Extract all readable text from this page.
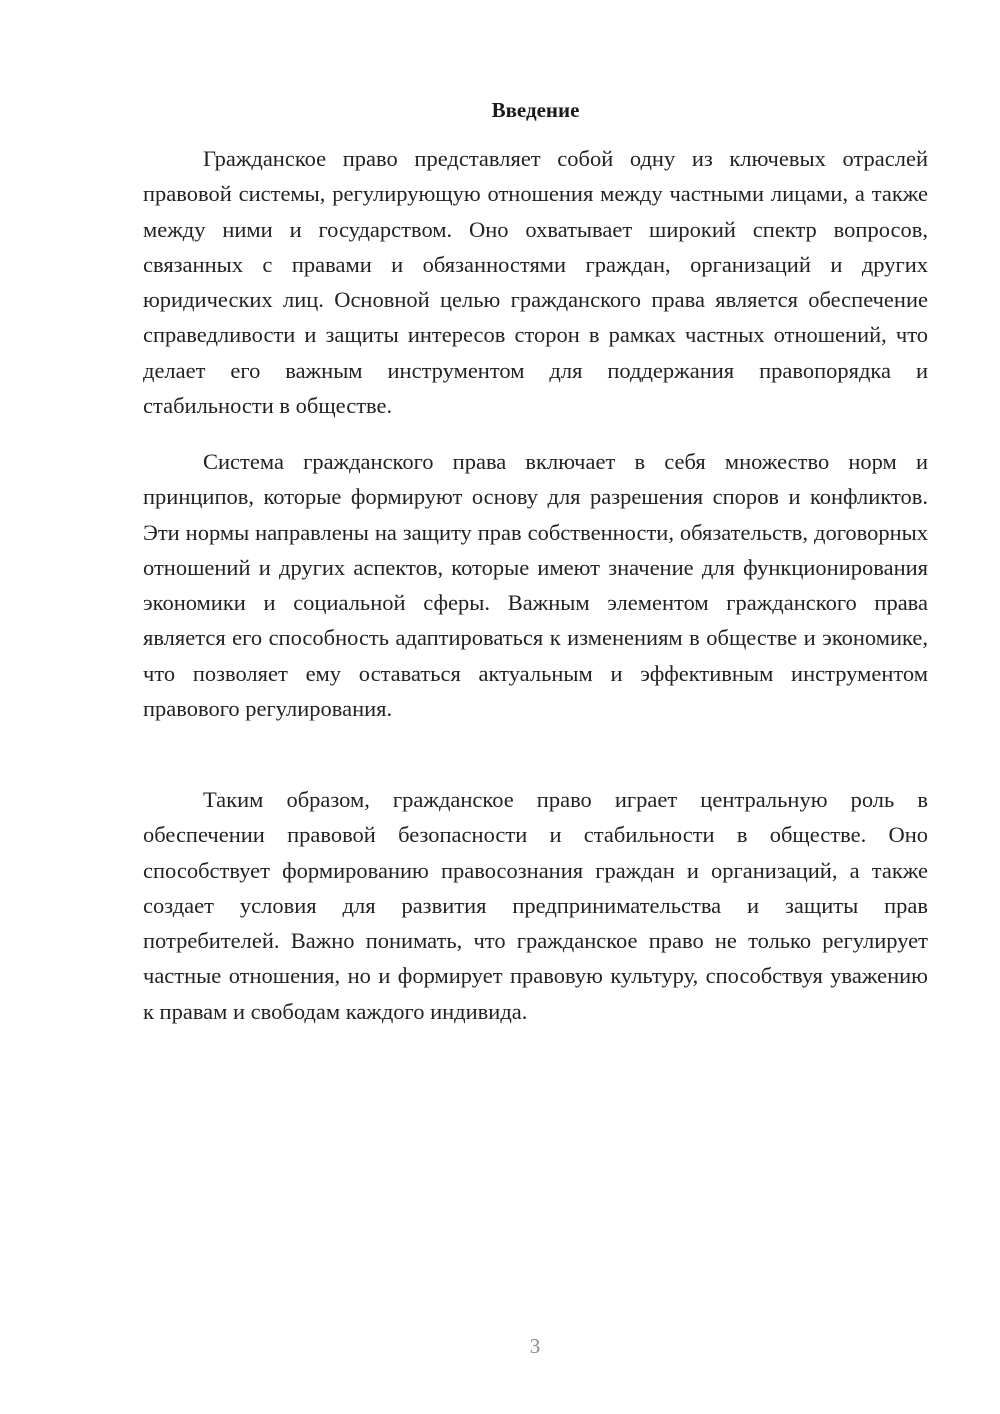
Введение

Гражданское право представляет собой одну из ключевых отраслей правовой системы, регулирующую отношения между частными лицами, а также между ними и государством. Оно охватывает широкий спектр вопросов, связанных с правами и обязанностями граждан, организаций и других юридических лиц. Основной целью гражданского права является обеспечение справедливости и защиты интересов сторон в рамках частных отношений, что делает его важным инструментом для поддержания правопорядка и стабильности в обществе.

Система гражданского права включает в себя множество норм и принципов, которые формируют основу для разрешения споров и конфликтов. Эти нормы направлены на защиту прав собственности, обязательств, договорных отношений и других аспектов, которые имеют значение для функционирования экономики и социальной сферы. Важным элементом гражданского права является его способность адаптироваться к изменениям в обществе и экономике, что позволяет ему оставаться актуальным и эффективным инструментом правового регулирования.

Таким образом, гражданское право играет центральную роль в обеспечении правовой безопасности и стабильности в обществе. Оно способствует формированию правосознания граждан и организаций, а также создает условия для развития предпринимательства и защиты прав потребителей. Важно понимать, что гражданское право не только регулирует частные отношения, но и формирует правовую культуру, способствуя уважению к правам и свободам каждого индивида.

3
